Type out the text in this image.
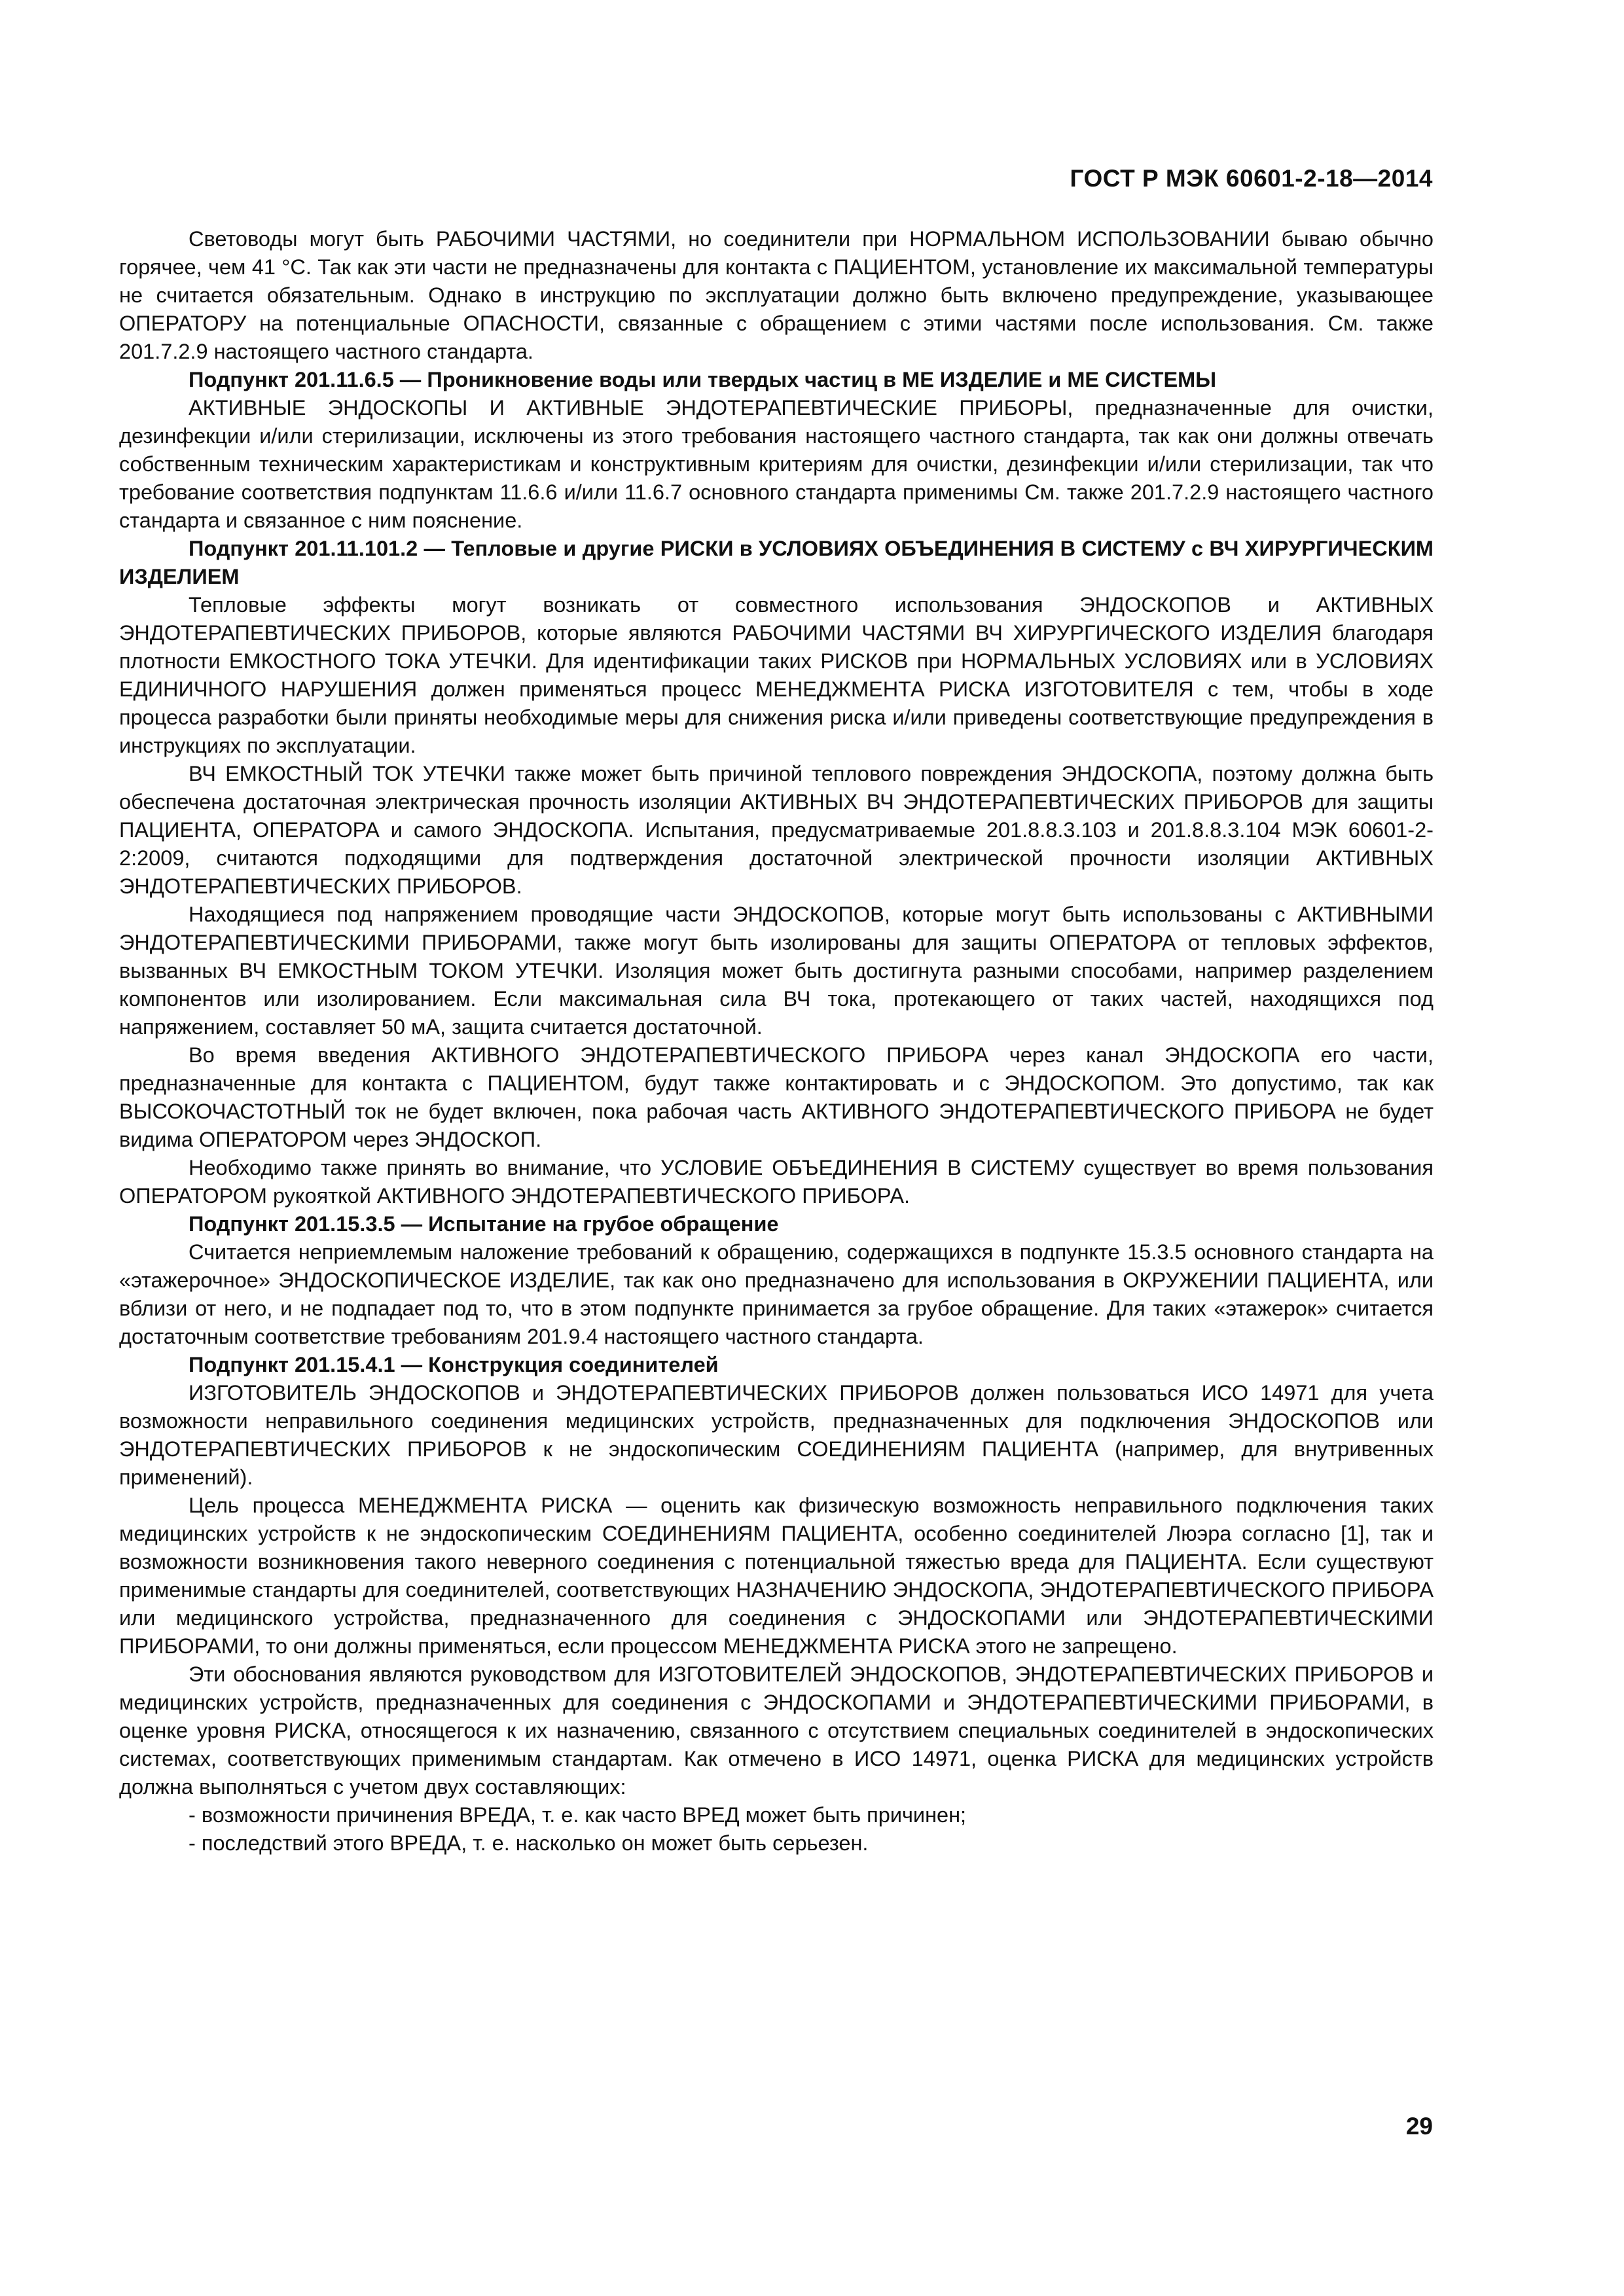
ГОСТ Р МЭК 60601-2-18—2014

Световоды могут быть РАБОЧИМИ ЧАСТЯМИ, но соединители при НОРМАЛЬНОМ ИСПОЛЬЗОВАНИИ бываю обычно горячее, чем 41 °С. Так как эти части не предназначены для контакта с ПАЦИЕНТОМ, установление их максимальной температуры не считается обязательным. Однако в инструкцию по эксплуатации должно быть включено предупреждение, указывающее ОПЕРАТОРУ на потенциальные ОПАСНОСТИ, связанные с обращением с этими частями после использования. См. также 201.7.2.9 настоящего частного стандарта.

Подпункт 201.11.6.5 — Проникновение воды или твердых частиц в МЕ ИЗДЕЛИЕ и МЕ СИСТЕМЫ

АКТИВНЫЕ ЭНДОСКОПЫ И АКТИВНЫЕ ЭНДОТЕРАПЕВТИЧЕСКИЕ ПРИБОРЫ, предназначенные для очистки, дезинфекции и/или стерилизации, исключены из этого требования настоящего частного стандарта, так как они должны отвечать собственным техническим характеристикам и конструктивным критериям для очистки, дезинфекции и/или стерилизации, так что требование соответствия подпунктам 11.6.6 и/или 11.6.7 основного стандарта применимы См. также 201.7.2.9 настоящего частного стандарта и связанное с ним пояснение.

Подпункт 201.11.101.2 — Тепловые и другие РИСКИ в УСЛОВИЯХ ОБЪЕДИНЕНИЯ В СИСТЕМУ с ВЧ ХИРУРГИЧЕСКИМ ИЗДЕЛИЕМ

Тепловые эффекты могут возникать от совместного использования ЭНДОСКОПОВ и АКТИВНЫХ ЭНДОТЕРАПЕВТИЧЕСКИХ ПРИБОРОВ, которые являются РАБОЧИМИ ЧАСТЯМИ ВЧ ХИРУРГИЧЕСКОГО ИЗДЕЛИЯ благодаря плотности ЕМКОСТНОГО ТОКА УТЕЧКИ. Для идентификации таких РИСКОВ при НОРМАЛЬНЫХ УСЛОВИЯХ или в УСЛОВИЯХ ЕДИНИЧНОГО НАРУШЕНИЯ должен применяться процесс МЕНЕДЖМЕНТА РИСКА ИЗГОТОВИТЕЛЯ с тем, чтобы в ходе процесса разработки были приняты необходимые меры для снижения риска и/или приведены соответствующие предупреждения в инструкциях по эксплуатации.

ВЧ ЕМКОСТНЫЙ ТОК УТЕЧКИ также может быть причиной теплового повреждения ЭНДОСКОПА, поэтому должна быть обеспечена достаточная электрическая прочность изоляции АКТИВНЫХ ВЧ ЭНДОТЕРАПЕВТИЧЕСКИХ ПРИБОРОВ для защиты ПАЦИЕНТА, ОПЕРАТОРА и самого ЭНДОСКОПА. Испытания, предусматриваемые 201.8.8.3.103 и 201.8.8.3.104 МЭК 60601-2-2:2009, считаются подходящими для подтверждения достаточной электрической прочности изоляции АКТИВНЫХ ЭНДОТЕРАПЕВТИЧЕСКИХ ПРИБОРОВ.

Находящиеся под напряжением проводящие части ЭНДОСКОПОВ, которые могут быть использованы с АКТИВНЫМИ ЭНДОТЕРАПЕВТИЧЕСКИМИ ПРИБОРАМИ, также могут быть изолированы для защиты ОПЕРАТОРА от тепловых эффектов, вызванных ВЧ ЕМКОСТНЫМ ТОКОМ УТЕЧКИ. Изоляция может быть достигнута разными способами, например разделением компонентов или изолированием. Если максимальная сила ВЧ тока, протекающего от таких частей, находящихся под напряжением, составляет 50 мА, защита считается достаточной.

Во время введения АКТИВНОГО ЭНДОТЕРАПЕВТИЧЕСКОГО ПРИБОРА через канал ЭНДОСКОПА его части, предназначенные для контакта с ПАЦИЕНТОМ, будут также контактировать и с ЭНДОСКОПОМ. Это допустимо, так как ВЫСОКОЧАСТОТНЫЙ ток не будет включен, пока рабочая часть АКТИВНОГО ЭНДОТЕРАПЕВТИЧЕСКОГО ПРИБОРА не будет видима ОПЕРАТОРОМ через ЭНДОСКОП.

Необходимо также принять во внимание, что УСЛОВИЕ ОБЪЕДИНЕНИЯ В СИСТЕМУ существует во время пользования ОПЕРАТОРОМ рукояткой АКТИВНОГО ЭНДОТЕРАПЕВТИЧЕСКОГО ПРИБОРА.

Подпункт 201.15.3.5 — Испытание на грубое обращение

Считается неприемлемым наложение требований к обращению, содержащихся в подпункте 15.3.5 основного стандарта на «этажерочное» ЭНДОСКОПИЧЕСКОЕ ИЗДЕЛИЕ, так как оно предназначено для использования в ОКРУЖЕНИИ ПАЦИЕНТА, или вблизи от него, и не подпадает под то, что в этом подпункте принимается за грубое обращение. Для таких «этажерок» считается достаточным соответствие требованиям 201.9.4 настоящего частного стандарта.

Подпункт 201.15.4.1 — Конструкция соединителей

ИЗГОТОВИТЕЛЬ ЭНДОСКОПОВ и ЭНДОТЕРАПЕВТИЧЕСКИХ ПРИБОРОВ должен пользоваться ИСО 14971 для учета возможности неправильного соединения медицинских устройств, предназначенных для подключения ЭНДОСКОПОВ или ЭНДОТЕРАПЕВТИЧЕСКИХ ПРИБОРОВ к не эндоскопическим СОЕДИНЕНИЯМ ПАЦИЕНТА (например, для внутривенных применений).

Цель процесса МЕНЕДЖМЕНТА РИСКА — оценить как физическую возможность неправильного подключения таких медицинских устройств к не эндоскопическим СОЕДИНЕНИЯМ ПАЦИЕНТА, особенно соединителей Люэра согласно [1], так и возможности возникновения такого неверного соединения с потенциальной тяжестью вреда для ПАЦИЕНТА. Если существуют применимые стандарты для соединителей, соответствующих НАЗНАЧЕНИЮ ЭНДОСКОПА, ЭНДОТЕРАПЕВТИЧЕСКОГО ПРИБОРА или медицинского устройства, предназначенного для соединения с ЭНДОСКОПАМИ или ЭНДОТЕРАПЕВТИЧЕСКИМИ ПРИБОРАМИ, то они должны применяться, если процессом МЕНЕДЖМЕНТА РИСКА этого не запрещено.

Эти обоснования являются руководством для ИЗГОТОВИТЕЛЕЙ ЭНДОСКОПОВ, ЭНДОТЕРАПЕВТИЧЕСКИХ ПРИБОРОВ и медицинских устройств, предназначенных для соединения с ЭНДОСКОПАМИ и ЭНДОТЕРАПЕВТИЧЕСКИМИ ПРИБОРАМИ, в оценке уровня РИСКА, относящегося к их назначению, связанного с отсутствием специальных соединителей в эндоскопических системах, соответствующих применимым стандартам. Как отмечено в ИСО 14971, оценка РИСКА для медицинских устройств должна выполняться с учетом двух составляющих:

- возможности причинения ВРЕДА, т. е. как часто ВРЕД может быть причинен;

- последствий этого ВРЕДА, т. е. насколько он может быть серьезен.

29
